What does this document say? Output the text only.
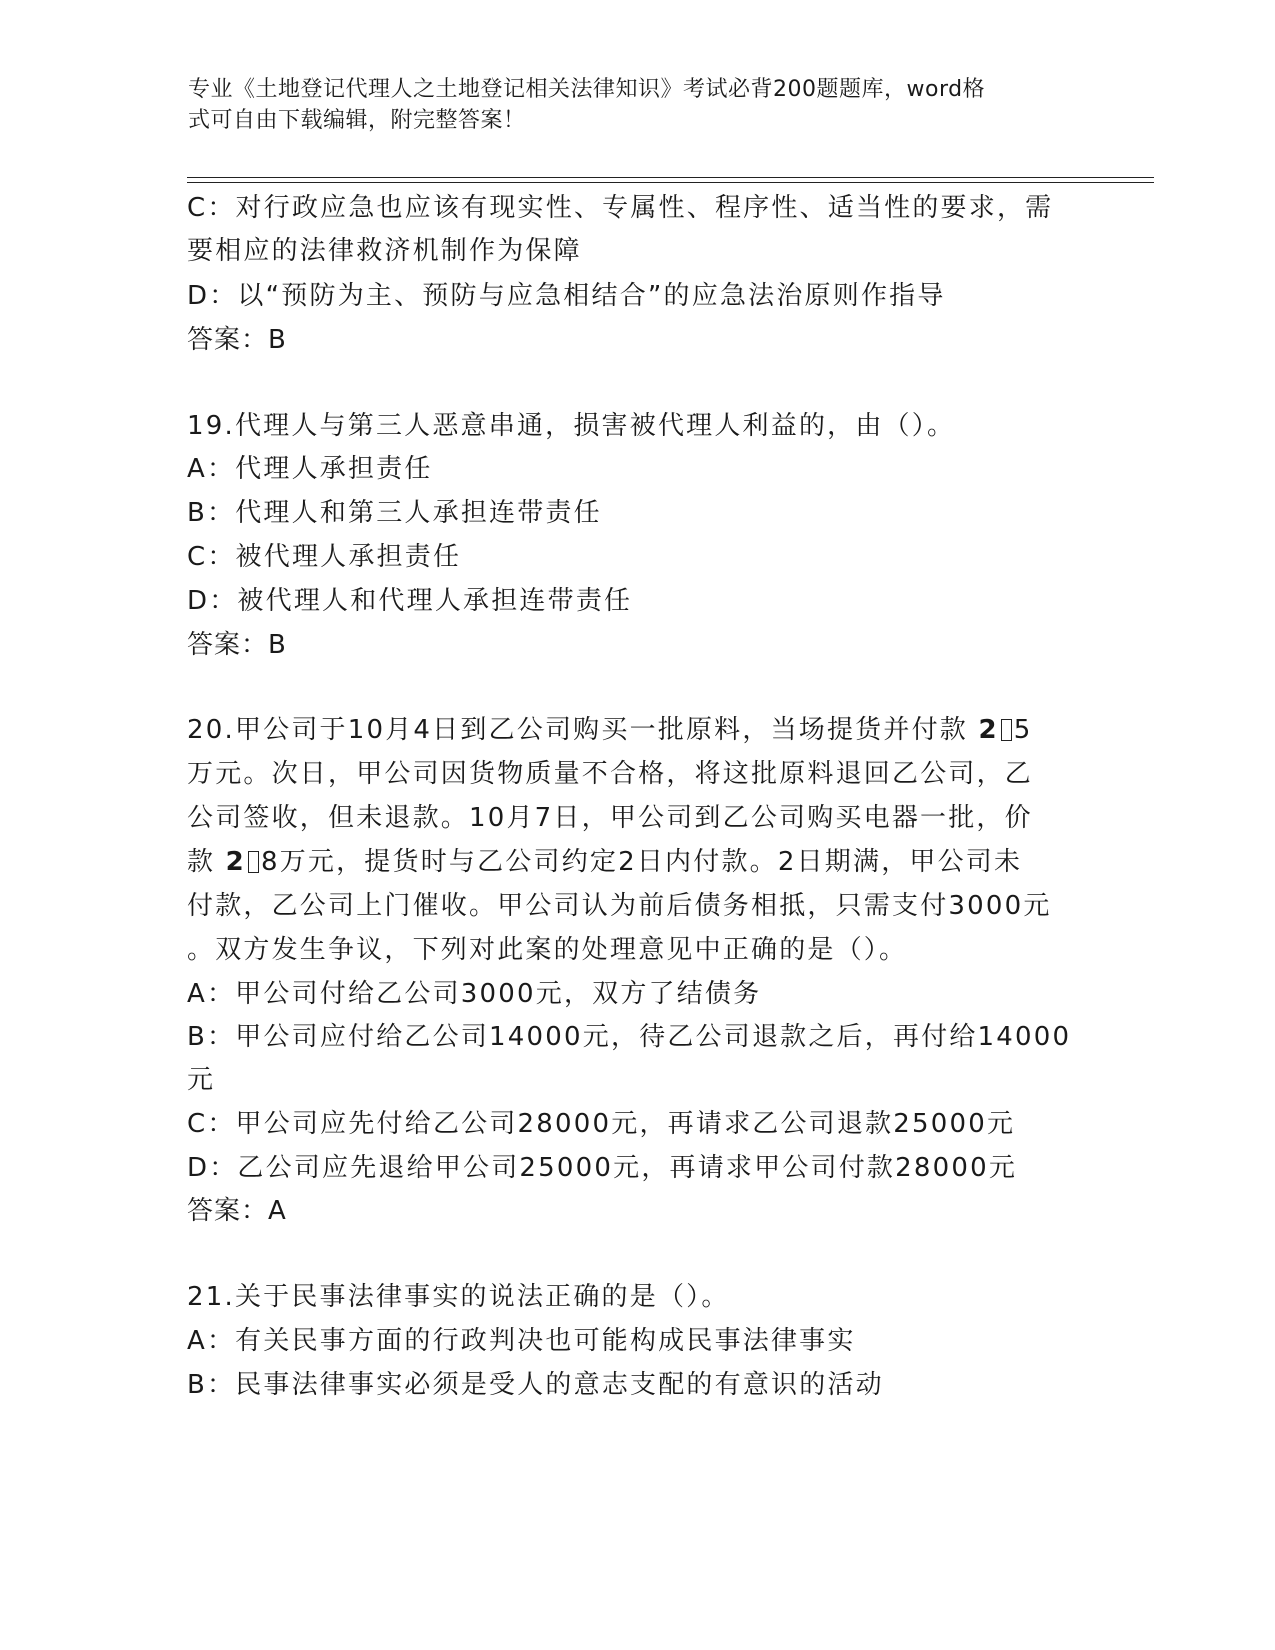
专业《土地登记代理人之土地登记相关法律知识》考试必背200题题库，word格
式可自由下载编辑，附完整答案！
C：对行政应急也应该有现实性、专属性、程序性、适当性的要求，需
要相应的法律救济机制作为保障
D：以“预防为主、预防与应急相结合”的应急法治原则作指导
答案：B
19.代理人与第三人恶意串通，损害被代理人利益的，由（）。
A：代理人承担责任
B：代理人和第三人承担连带责任
C：被代理人承担责任
D：被代理人和代理人承担连带责任
答案：B
20.甲公司于10月4日到乙公司购买一批原料，当场提货并付款 2 5
万元。次日，甲公司因货物质量不合格，将这批原料退回乙公司，乙
公司签收，但未退款。10月7日，甲公司到乙公司购买电器一批，价
款 2 8万元，提货时与乙公司约定2日内付款。2日期满，甲公司未
付款，乙公司上门催收。甲公司认为前后债务相抵，只需支付3000元
。双方发生争议，下列对此案的处理意见中正确的是（）。
A：甲公司付给乙公司3000元，双方了结债务
B：甲公司应付给乙公司14000元，待乙公司退款之后，再付给14000
元
C：甲公司应先付给乙公司28000元，再请求乙公司退款25000元
D：乙公司应先退给甲公司25000元，再请求甲公司付款28000元
答案：A
21.关于民事法律事实的说法正确的是（）。
A：有关民事方面的行政判决也可能构成民事法律事实
B：民事法律事实必须是受人的意志支配的有意识的活动
